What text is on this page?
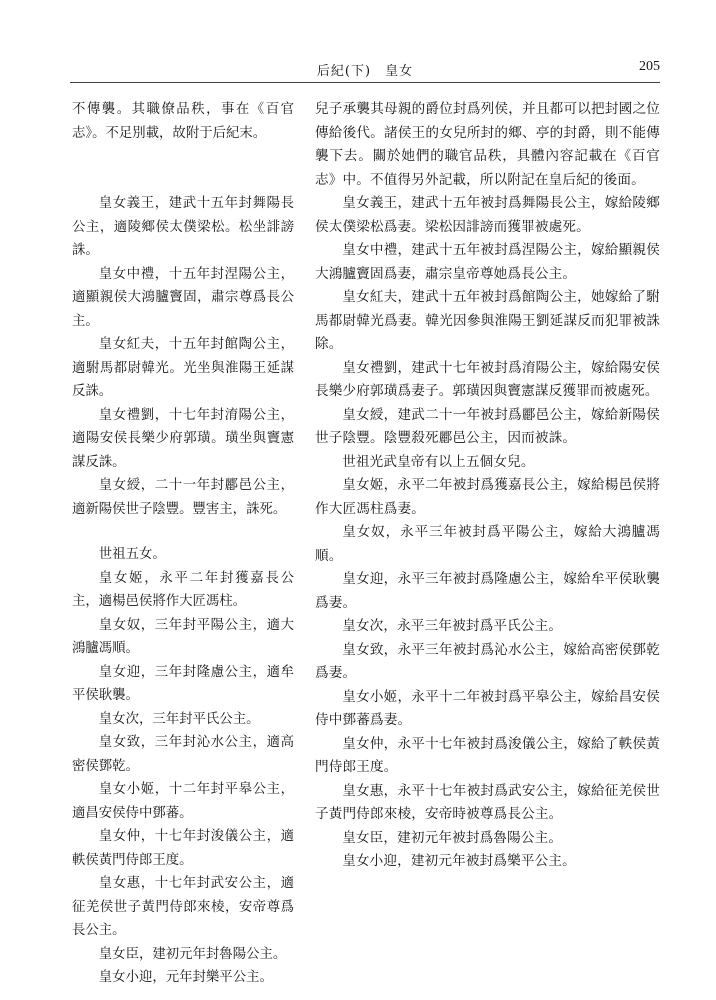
后紀(下)　皇女	205

不傳襲。其職僚品秩，事在《百官志》。不足別載，故附于后紀末。

皇女義王，建武十五年封舞陽長公主，適陵鄉侯太僕梁松。松坐誹謗誅。

皇女中禮，十五年封涅陽公主，適顯親侯大鴻臚竇固，肅宗尊爲長公主。

皇女紅夫，十五年封館陶公主，適駙馬都尉韓光。光坐與淮陽王延謀反誅。

皇女禮劉，十七年封淯陽公主，適陽安侯長樂少府郭璜。璜坐與竇憲謀反誅。

皇女綬，二十一年封酈邑公主，適新陽侯世子陰豐。豐害主，誅死。

世祖五女。

皇女姬，永平二年封獲嘉長公主，適楊邑侯將作大匠馮柱。

皇女奴，三年封平陽公主，適大鴻臚馮順。

皇女迎，三年封隆慮公主，適牟平侯耿襲。

皇女次，三年封平氏公主。

皇女致，三年封沁水公主，適高密侯鄧乾。

皇女小姬，十二年封平皋公主，適昌安侯侍中鄧蕃。

皇女仲，十七年封浚儀公主，適軼侯黃門侍郎王度。

皇女惠，十七年封武安公主，適征羌侯世子黃門侍郎來棱，安帝尊爲長公主。

皇女臣，建初元年封魯陽公主。

皇女小迎，元年封樂平公主。

兒子承襲其母親的爵位封爲列侯，并且都可以把封國之位傳給後代。諸侯王的女兒所封的鄉、亭的封爵，則不能傳襲下去。關於她們的職官品秩，具體內容記載在《百官志》中。不值得另外記載，所以附記在皇后紀的後面。

皇女義王，建武十五年被封爲舞陽長公主，嫁給陵鄉侯太僕梁松爲妻。梁松因誹謗而獲罪被處死。

皇女中禮，建武十五年被封爲涅陽公主，嫁給顯親侯大鴻臚竇固爲妻，肅宗皇帝尊她爲長公主。

皇女紅夫，建武十五年被封爲館陶公主，她嫁給了駙馬都尉韓光爲妻。韓光因參與淮陽王劉延謀反而犯罪被誅除。

皇女禮劉，建武十七年被封爲淯陽公主，嫁給陽安侯長樂少府郭璜爲妻子。郭璜因與竇憲謀反獲罪而被處死。

皇女綬，建武二十一年被封爲酈邑公主，嫁給新陽侯世子陰豐。陰豐殺死酈邑公主，因而被誅。

世祖光武皇帝有以上五個女兒。

皇女姬，永平二年被封爲獲嘉長公主，嫁給楊邑侯將作大匠馮柱爲妻。

皇女奴，永平三年被封爲平陽公主，嫁給大鴻臚馮順。

皇女迎，永平三年被封爲隆慮公主，嫁給牟平侯耿襲爲妻。

皇女次，永平三年被封爲平氏公主。

皇女致，永平三年被封爲沁水公主，嫁給高密侯鄧乾爲妻。

皇女小姬，永平十二年被封爲平皋公主，嫁給昌安侯侍中鄧蕃爲妻。

皇女仲，永平十七年被封爲浚儀公主，嫁給了軼侯黃門侍郎王度。

皇女惠，永平十七年被封爲武安公主，嫁給征羌侯世子黃門侍郎來棱，安帝時被尊爲長公主。

皇女臣，建初元年被封爲魯陽公主。

皇女小迎，建初元年被封爲樂平公主。
